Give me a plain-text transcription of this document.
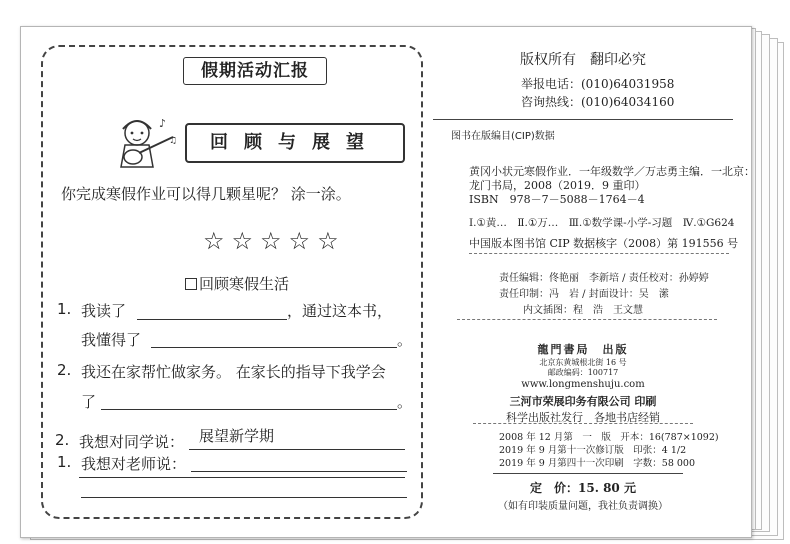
假期活动汇报
♪
♫	回顾与展望
你完成寒假作业可以得几颗星呢？ 涂一涂。
☆☆☆☆☆
回顾寒假生活
1. 我读了	，通过这本书，
我懂得了	。
2. 我还在家帮忙做家务。 在家长的指导下我学会
了	。
展望新学期
1. 我想对老师说：
2. 我想对同学说：
版权所有　翻印必究
举报电话：(010)64031958
咨询热线：(010)64034160
图书在版编目(CIP)数据
黄冈小状元寒假作业．一年级数学／万志勇主编．一北京：
龙门书局，2008（2019．9 重印）
ISBN　978－7－5088－1764－4
Ⅰ.①黄…　Ⅱ.①万…　Ⅲ.①数学课-小学-习题　Ⅳ.①G624
中国版本图书馆 CIP 数据核字（2008）第 191556 号
责任编辑：佟艳丽　李新培 / 责任校对：孙婷婷
责任印制：冯　岩 / 封面设计：吴　潆
内文插图：程　浩　王文慧
龍門書局　出版
北京东黄城根北街 16 号
邮政编码：100717
www.longmenshuju.com
三河市荣展印务有限公司 印刷
科学出版社发行　各地书店经销
2008 年 12 月第　一　版　开本：16(787×1092)
2019 年 9 月第十一次修订版　印张：4 1/2
2019 年 9 月第四十一次印刷　字数：58 000
定　价：15. 80 元
（如有印装质量问题，我社负责调换）
